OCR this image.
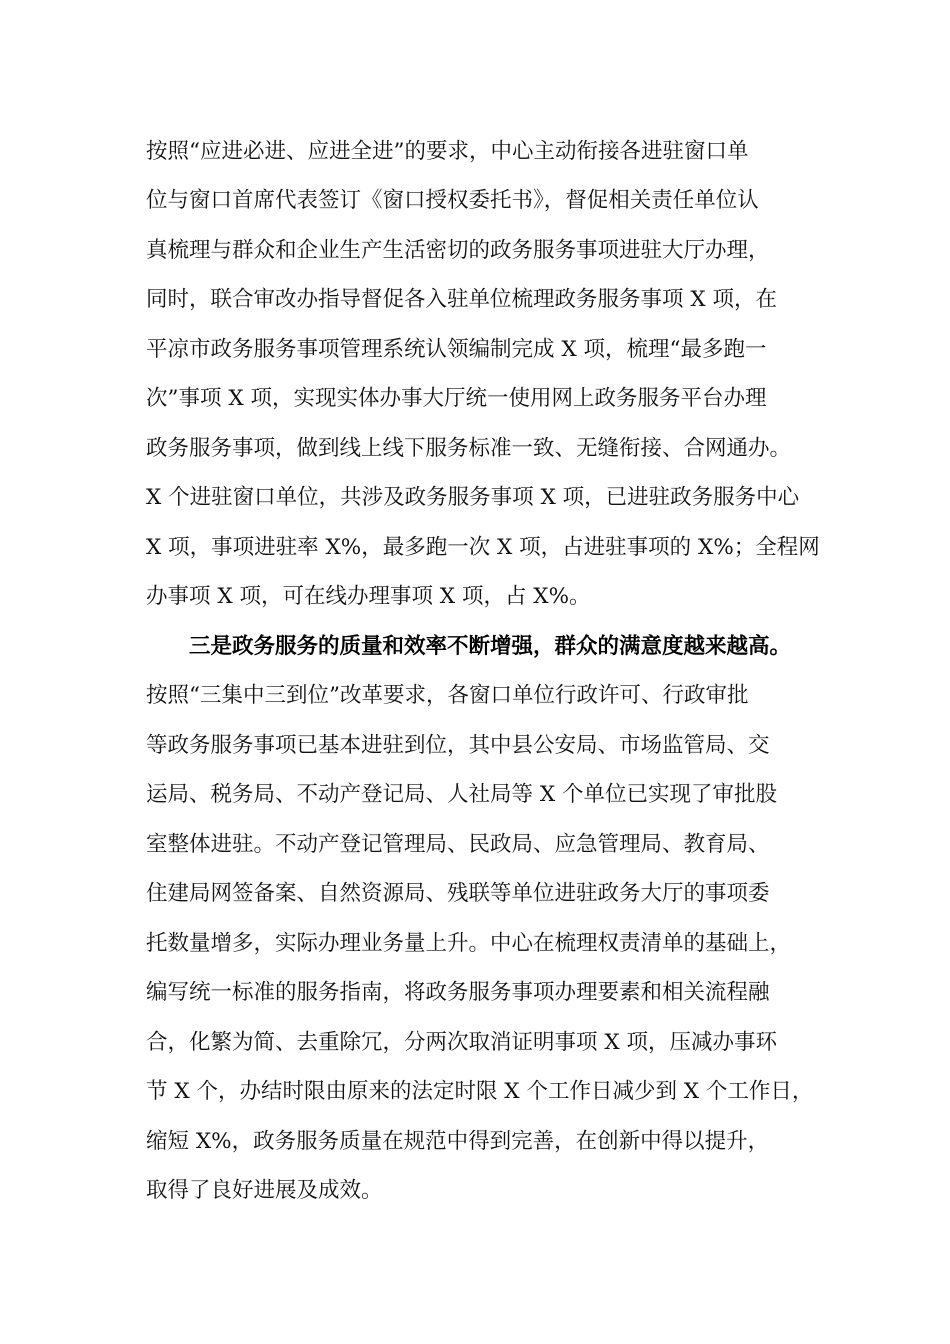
按照“应进必进、应进全进”的要求，中心主动衔接各进驻窗口单
位与窗口首席代表签订《窗口授权委托书》，督促相关责任单位认
真梳理与群众和企业生产生活密切的政务服务事项进驻大厅办理，
同时，联合审改办指导督促各入驻单位梳理政务服务事项 X 项，在
平凉市政务服务事项管理系统认领编制完成 X 项，梳理“最多跑一
次”事项 X 项，实现实体办事大厅统一使用网上政务服务平台办理
政务服务事项，做到线上线下服务标准一致、无缝衔接、合网通办。
X 个进驻窗口单位，共涉及政务服务事项 X 项，已进驻政务服务中心
X 项，事项进驻率 X%，最多跑一次 X 项，占进驻事项的 X%；全程网
办事项 X 项，可在线办理事项 X 项，占 X%。
三是政务服务的质量和效率不断增强，群众的满意度越来越高。
按照“三集中三到位”改革要求，各窗口单位行政许可、行政审批
等政务服务事项已基本进驻到位，其中县公安局、市场监管局、交
运局、税务局、不动产登记局、人社局等 X 个单位已实现了审批股
室整体进驻。不动产登记管理局、民政局、应急管理局、教育局、
住建局网签备案、自然资源局、残联等单位进驻政务大厅的事项委
托数量增多，实际办理业务量上升。中心在梳理权责清单的基础上，
编写统一标准的服务指南，将政务服务事项办理要素和相关流程融
合，化繁为简、去重除冗，分两次取消证明事项 X 项，压减办事环
节 X 个，办结时限由原来的法定时限 X 个工作日减少到 X 个工作日，
缩短 X%，政务服务质量在规范中得到完善，在创新中得以提升，
取得了良好进展及成效。
